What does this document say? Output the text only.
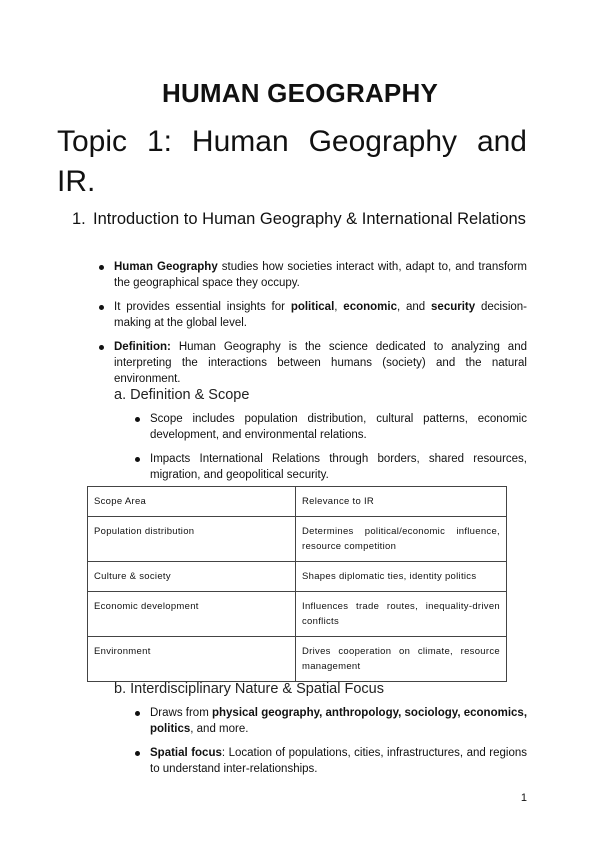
HUMAN GEOGRAPHY
Topic 1: Human Geography and IR.
1. Introduction to Human Geography & International Relations
Human Geography studies how societies interact with, adapt to, and transform the geographical space they occupy.
It provides essential insights for political, economic, and security decision-making at the global level.
Definition: Human Geography is the science dedicated to analyzing and interpreting the interactions between humans (society) and the natural environment.
a. Definition & Scope
Scope includes population distribution, cultural patterns, economic development, and environmental relations.
Impacts International Relations through borders, shared resources, migration, and geopolitical security.
Scope Area	Relevance to IR
Population distribution	Determines political/economic influence, resource competition
Culture & society	Shapes diplomatic ties, identity politics
Economic development	Influences trade routes, inequality-driven conflicts
Environment	Drives cooperation on climate, resource management
b. Interdisciplinary Nature & Spatial Focus
Draws from physical geography, anthropology, sociology, economics, politics, and more.
Spatial focus: Location of populations, cities, infrastructures, and regions to understand inter-relationships.
1
